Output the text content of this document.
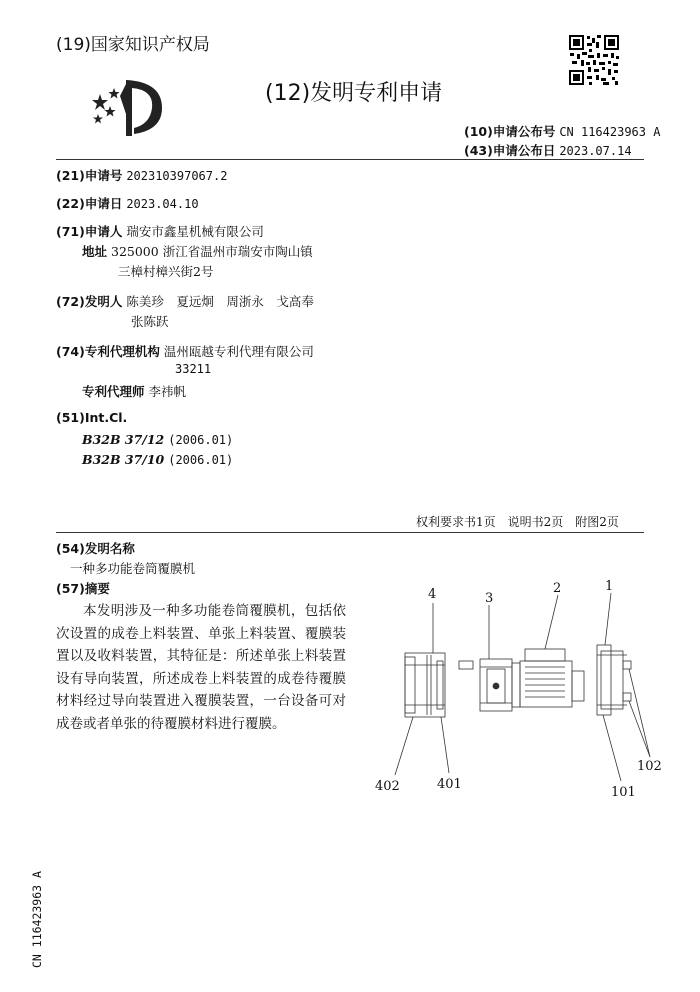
(19)国家知识产权局
(12)发明专利申请
(10)申请公布号 CN 116423963 A
(43)申请公布日 2023.07.14
(21)申请号 202310397067.2
(22)申请日 2023.04.10
(71)申请人 瑞安市鑫星机械有限公司
地址 325000 浙江省温州市瑞安市陶山镇
三樟村樟兴街2号
(72)发明人 陈美珍　夏远炯　周浙永　戈高奉
张陈跃
(74)专利代理机构 温州瓯越专利代理有限公司
33211
专利代理师 李祎帆
(51)Int.Cl.
B32B 37/12 (2006.01)
B32B 37/10 (2006.01)
权利要求书1页　说明书2页　附图2页
(54)发明名称
一种多功能卷筒覆膜机
(57)摘要
本发明涉及一种多功能卷筒覆膜机，包括依次设置的成卷上料装置、单张上料装置、覆膜装置以及收料装置，其特征是：所述单张上料装置设有导向装置，所述成卷上料装置的成卷待覆膜材料经过导向装置进入覆膜装置，一台设备可对成卷或者单张的待覆膜材料进行覆膜。
4	3
2	1
402	401
101
102
CN 116423963 A
